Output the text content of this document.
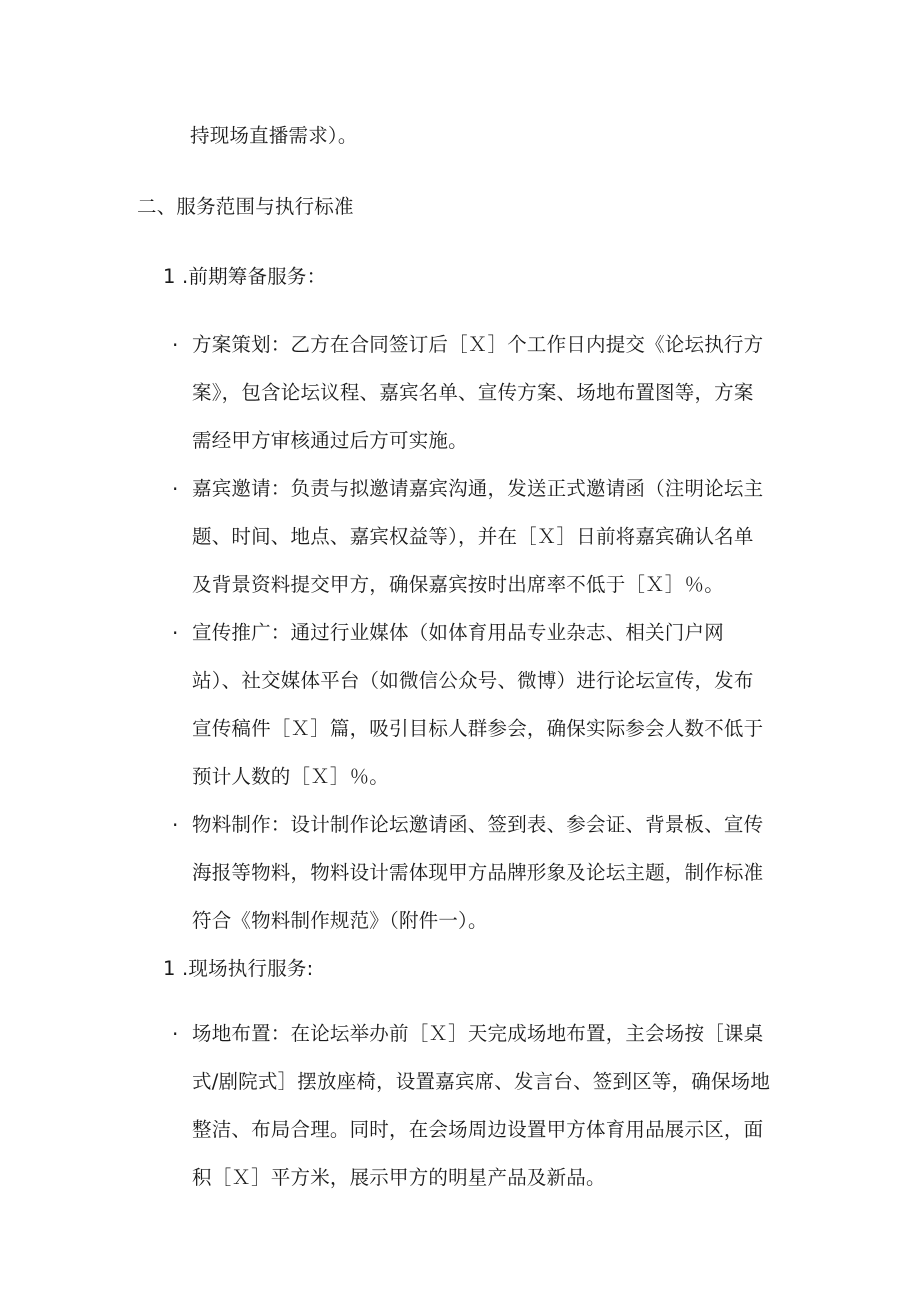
持现场直播需求）。
二、服务范围与执行标准
1 .前期筹备服务：
· 方案策划：乙方在合同签订后［Ｘ］个工作日内提交《论坛执行方
案》，包含论坛议程、嘉宾名单、宣传方案、场地布置图等，方案
需经甲方审核通过后方可实施。
· 嘉宾邀请：负责与拟邀请嘉宾沟通，发送正式邀请函（注明论坛主
题、时间、地点、嘉宾权益等），并在［Ｘ］日前将嘉宾确认名单
及背景资料提交甲方，确保嘉宾按时出席率不低于［Ｘ］％。
· 宣传推广：通过行业媒体（如体育用品专业杂志、相关门户网
站）、社交媒体平台（如微信公众号、微博）进行论坛宣传，发布
宣传稿件［Ｘ］篇，吸引目标人群参会，确保实际参会人数不低于
预计人数的［Ｘ］％。
· 物料制作：设计制作论坛邀请函、签到表、参会证、背景板、宣传
海报等物料，物料设计需体现甲方品牌形象及论坛主题，制作标准
符合《物料制作规范》（附件一）。
1 .现场执行服务:
· 场地布置：在论坛举办前［Ｘ］天完成场地布置，主会场按［课桌
式/剧院式］摆放座椅，设置嘉宾席、发言台、签到区等，确保场地
整洁、布局合理。同时，在会场周边设置甲方体育用品展示区，面
积［Ｘ］平方米，展示甲方的明星产品及新品。
